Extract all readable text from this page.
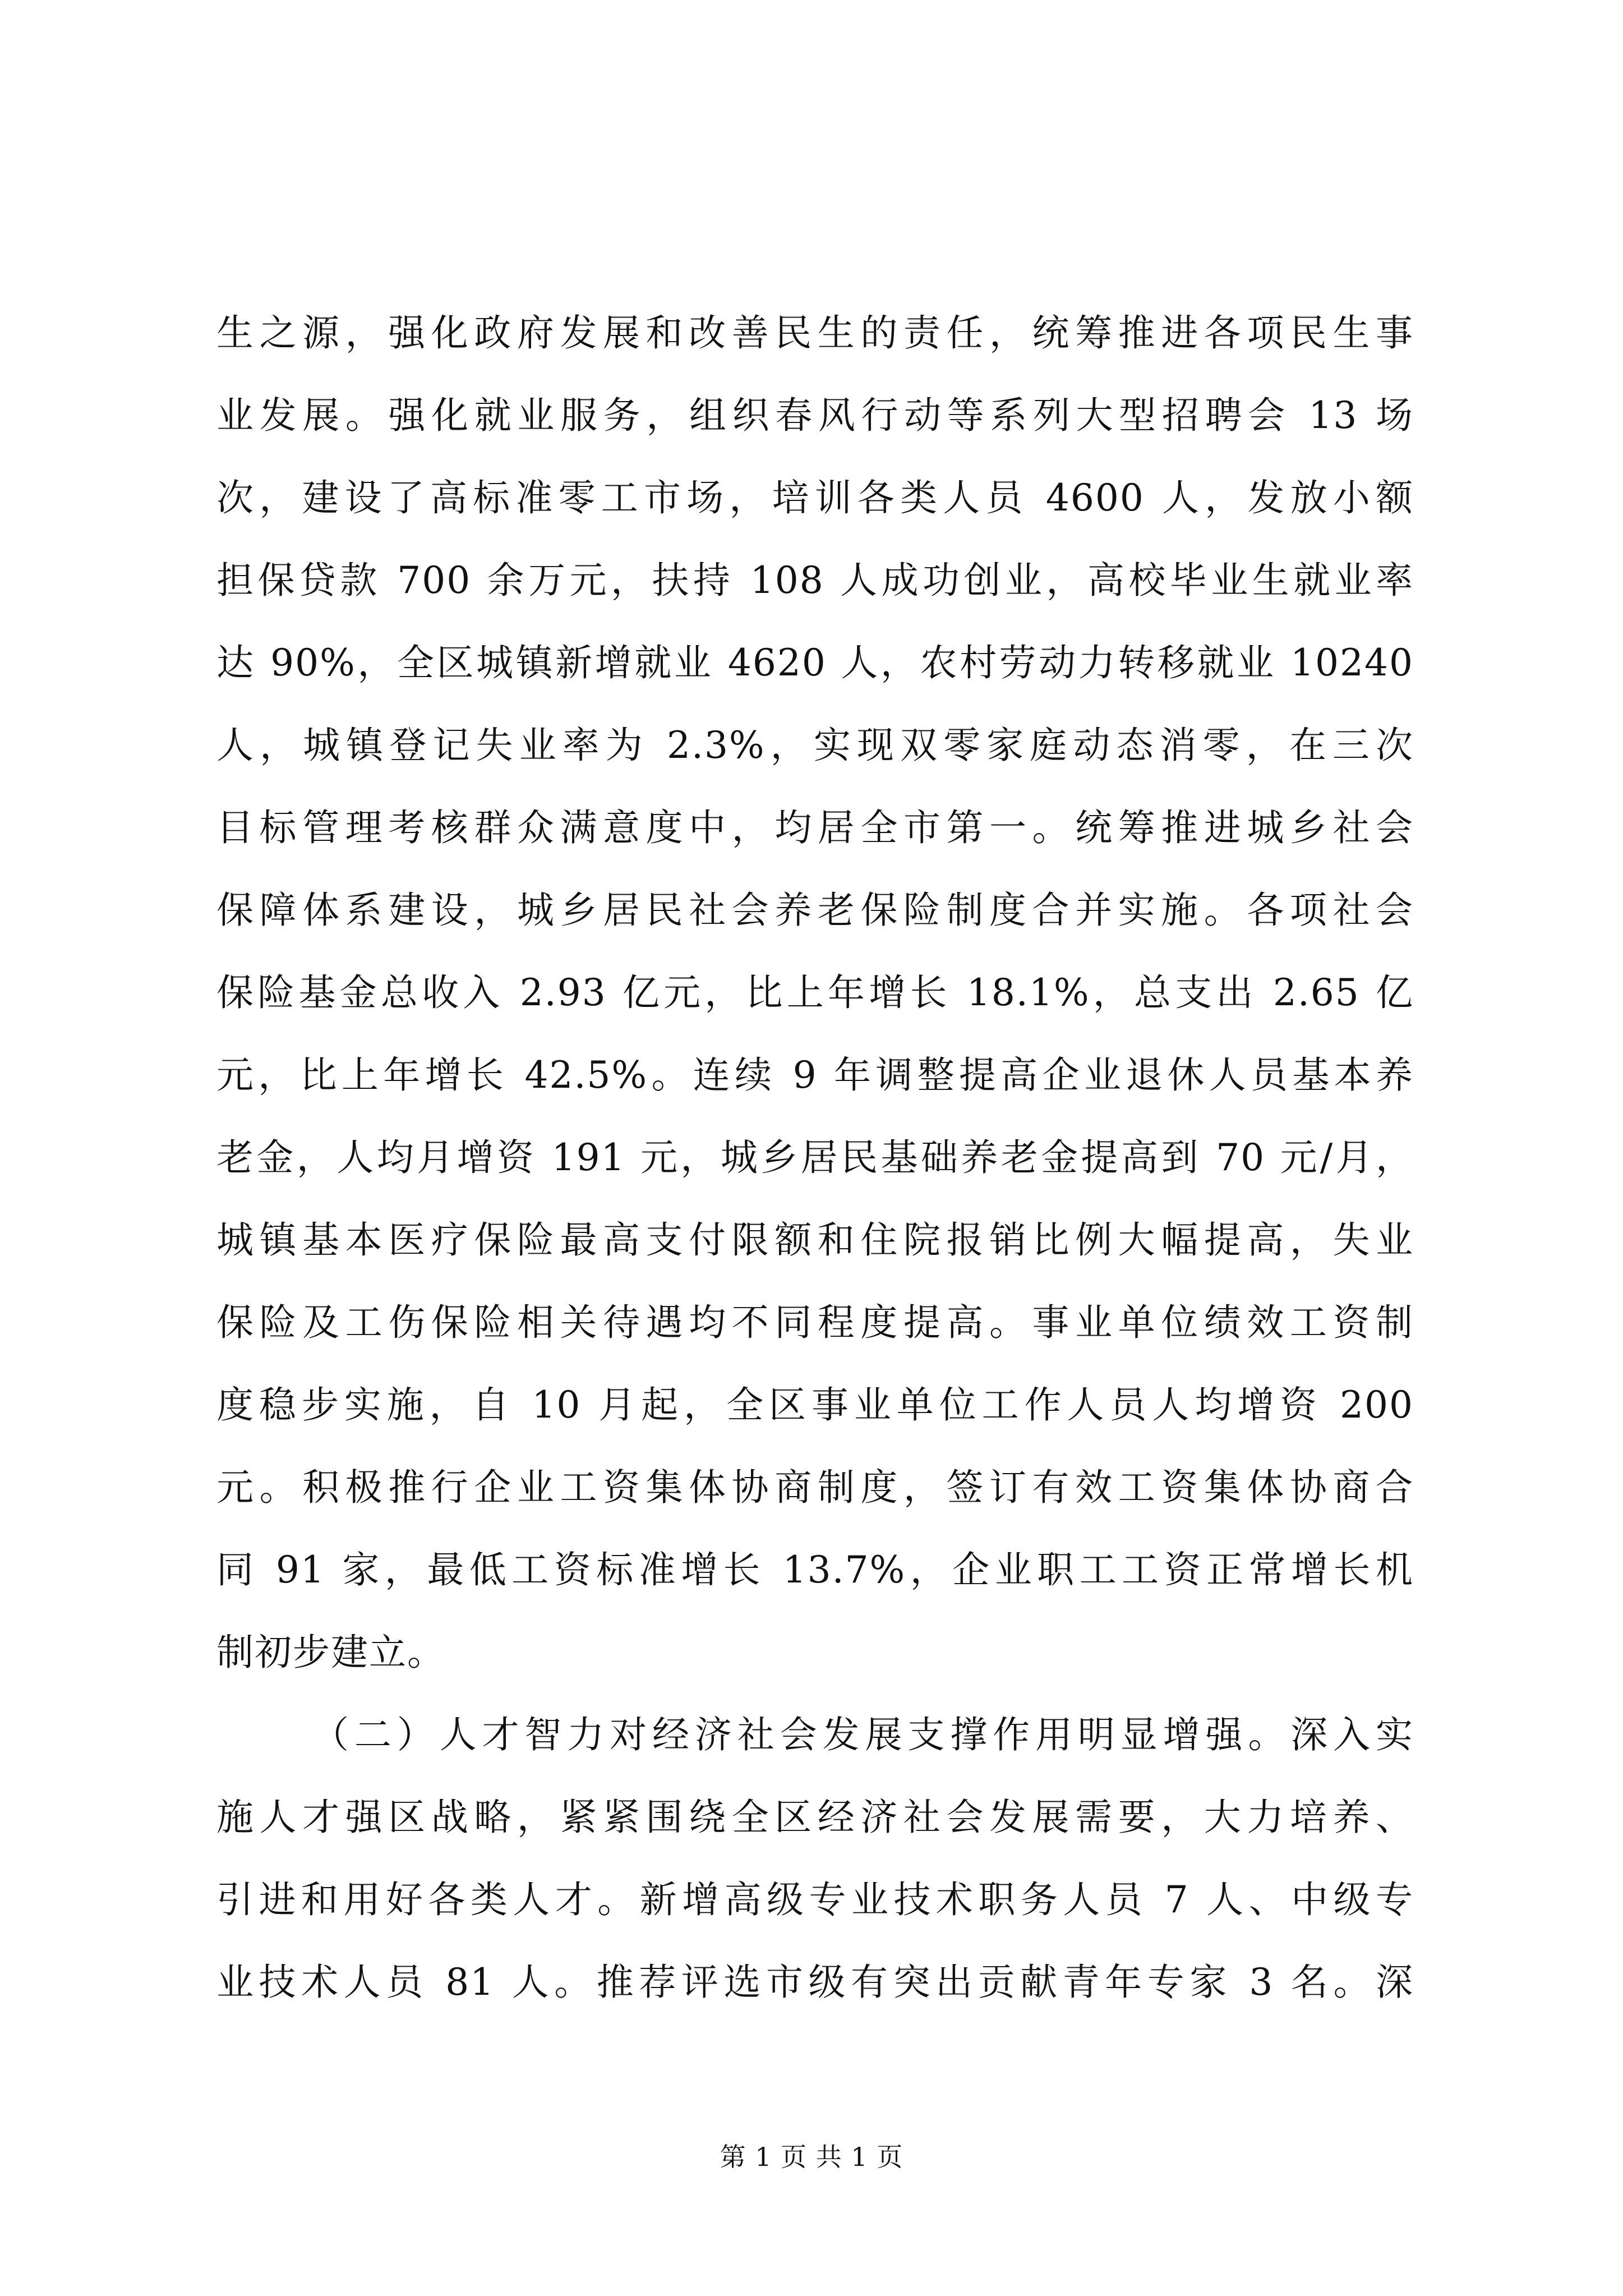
生之源，强化政府发展和改善民生的责任，统筹推进各项民生事
业发展。强化就业服务，组织春风行动等系列大型招聘会 13 场
次，建设了高标准零工市场，培训各类人员 4600 人，发放小额
担保贷款 700 余万元，扶持 108 人成功创业，高校毕业生就业率
达 90%，全区城镇新增就业 4620 人，农村劳动力转移就业 10240
人，城镇登记失业率为 2.3%，实现双零家庭动态消零，在三次
目标管理考核群众满意度中，均居全市第一。统筹推进城乡社会
保障体系建设，城乡居民社会养老保险制度合并实施。各项社会
保险基金总收入 2.93 亿元，比上年增长 18.1%，总支出 2.65 亿
元，比上年增长 42.5%。连续 9 年调整提高企业退休人员基本养
老金，人均月增资 191 元，城乡居民基础养老金提高到 70 元/月，
城镇基本医疗保险最高支付限额和住院报销比例大幅提高，失业
保险及工伤保险相关待遇均不同程度提高。事业单位绩效工资制
度稳步实施，自 10 月起，全区事业单位工作人员人均增资 200
元。积极推行企业工资集体协商制度，签订有效工资集体协商合
同 91 家，最低工资标准增长 13.7%，企业职工工资正常增长机
制初步建立。
（二）人才智力对经济社会发展支撑作用明显增强。深入实
施人才强区战略，紧紧围绕全区经济社会发展需要，大力培养、
引进和用好各类人才。新增高级专业技术职务人员 7 人、中级专
业技术人员 81 人。推荐评选市级有突出贡献青年专家 3 名。深
第 1 页 共 1 页
